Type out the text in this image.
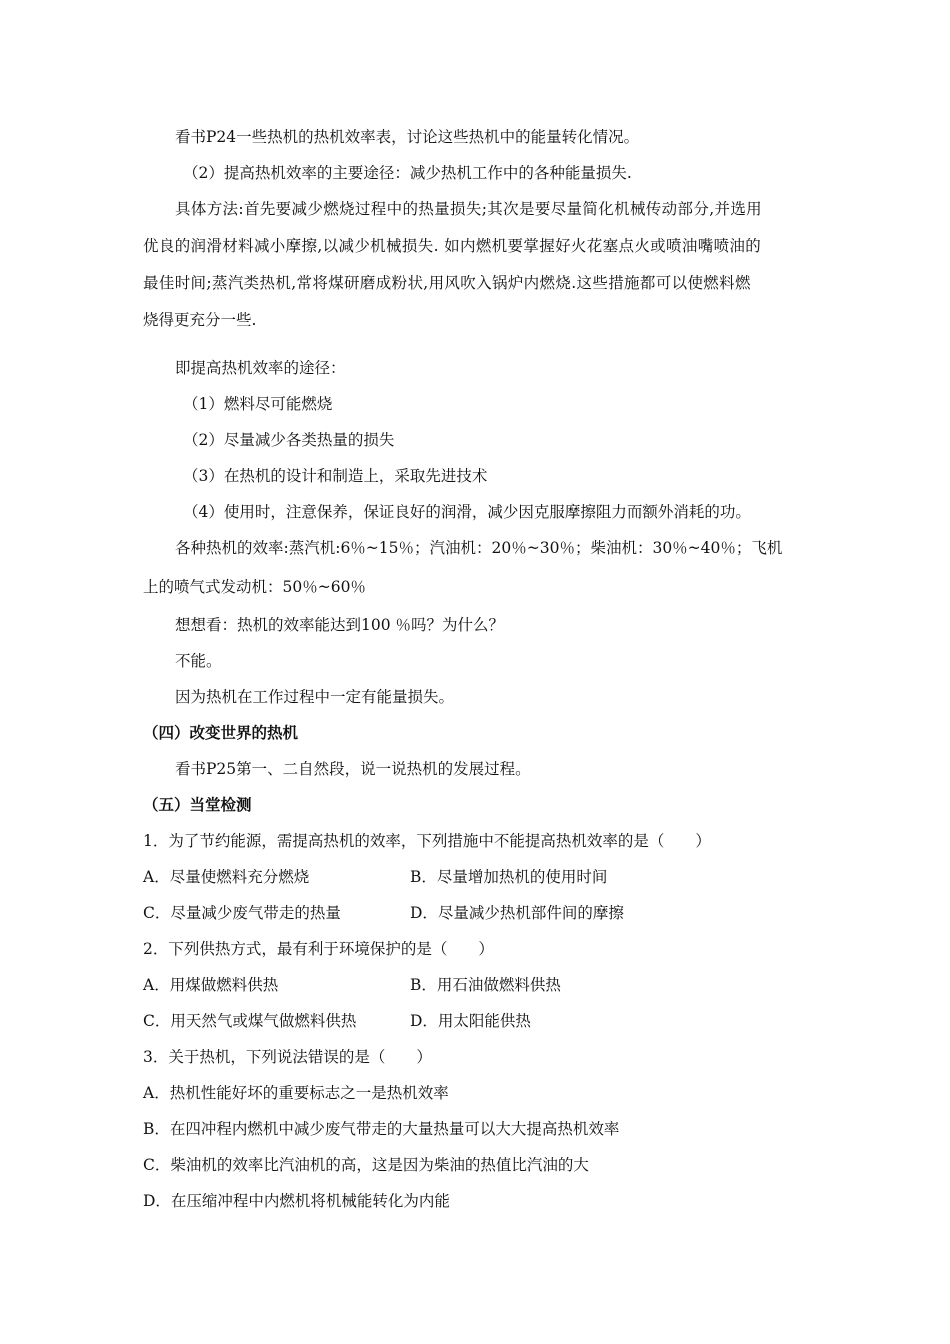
看书P24一些热机的热机效率表，讨论这些热机中的能量转化情况。
（2）提高热机效率的主要途径：减少热机工作中的各种能量损失.
具体方法:首先要减少燃烧过程中的热量损失;其次是要尽量简化机械传动部分,并选用
优良的润滑材料减小摩擦,以减少机械损失. 如内燃机要掌握好火花塞点火或喷油嘴喷油的
最佳时间;蒸汽类热机,常将煤研磨成粉状,用风吹入锅炉内燃烧.这些措施都可以使燃料燃
烧得更充分一些.
即提高热机效率的途径：
（1）燃料尽可能燃烧
（2）尽量减少各类热量的损失
（3）在热机的设计和制造上，采取先进技术
（4）使用时，注意保养，保证良好的润滑，减少因克服摩擦阻力而额外消耗的功。
各种热机的效率:蒸汽机:6％~15％；汽油机：20％~30％；柴油机：30％~40％；飞机
上的喷气式发动机：50％~60％
想想看：热机的效率能达到100 ％吗？为什么？
不能。
因为热机在工作过程中一定有能量损失。
（四）改变世界的热机
看书P25第一、二自然段，说一说热机的发展过程。
（五）当堂检测
1．为了节约能源，需提高热机的效率，下列措施中不能提高热机效率的是（　　）
A．尽量使燃料充分燃烧	B．尽量增加热机的使用时间
C．尽量减少废气带走的热量	D．尽量减少热机部件间的摩擦
2．下列供热方式，最有利于环境保护的是（　　）
A．用煤做燃料供热	B．用石油做燃料供热
C．用天然气或煤气做燃料供热	D．用太阳能供热
3．关于热机，下列说法错误的是（　　）
A．热机性能好坏的重要标志之一是热机效率
B．在四冲程内燃机中减少废气带走的大量热量可以大大提高热机效率
C．柴油机的效率比汽油机的高，这是因为柴油的热值比汽油的大
D．在压缩冲程中内燃机将机械能转化为内能
